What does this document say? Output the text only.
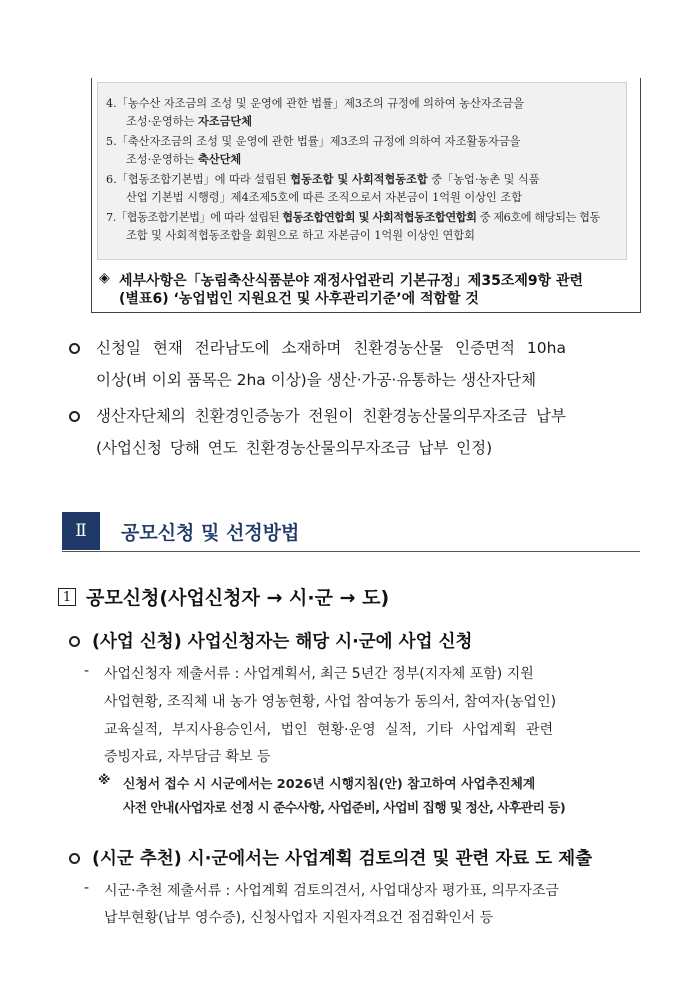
4.「농수산 자조금의 조성 및 운영에 관한 법률」제3조의 규정에 의하여 농산자조금을
조성·운영하는 자조금단체
5.「축산자조금의 조성 및 운영에 관한 법률」제3조의 규정에 의하여 자조활동자금을
조성·운영하는 축산단체
6.「협동조합기본법」에 따라 설립된 협동조합 및 사회적협동조합 중「농업·농촌 및 식품
산업 기본법 시행령」제4조제5호에 따른 조직으로서 자본금이 1억원 이상인 조합
7.「협동조합기본법」에 따라 설립된 협동조합연합회 및 사회적협동조합연합회 중 제6호에 해당되는 협동
조합 및 사회적협동조합을 회원으로 하고 자본금이 1억원 이상인 연합회
◈ 세부사항은「농림축산식품분야 재정사업관리 기본규정」제35조제9항 관련
(별표6) ‘농업법인 지원요건 및 사후관리기준’에 적합할 것
신청일 현재 전라남도에 소재하며 친환경농산물 인증면적 10ha
이상(벼 이외 품목은 2ha 이상)을 생산·가공·유통하는 생산자단체
생산자단체의 친환경인증농가 전원이 친환경농산물의무자조금 납부
(사업신청 당해 연도 친환경농산물의무자조금 납부 인정)
Ⅱ	공모신청 및 선정방법
1 공모신청(사업신청자 → 시·군 → 도)
(사업 신청) 사업신청자는 해당 시·군에 사업 신청
- 사업신청자 제출서류 : 사업계획서, 최근 5년간 정부(지자체 포함) 지원
사업현황, 조직체 내 농가 영농현황, 사업 참여농가 동의서, 참여자(농업인)
교육실적, 부지사용승인서, 법인 현황·운영 실적, 기타 사업계획 관련
증빙자료, 자부담금 확보 등
※ 신청서 접수 시 시군에서는 2026년 시행지침(안) 참고하여 사업추진체계
사전 안내(사업자로 선정 시 준수사항, 사업준비, 사업비 집행 및 정산, 사후관리 등)
(시군 추천) 시·군에서는 사업계획 검토의견 및 관련 자료 도 제출
- 시군·추천 제출서류 : 사업계획 검토의견서, 사업대상자 평가표, 의무자조금
납부현황(납부 영수증), 신청사업자 지원자격요건 점검확인서 등
